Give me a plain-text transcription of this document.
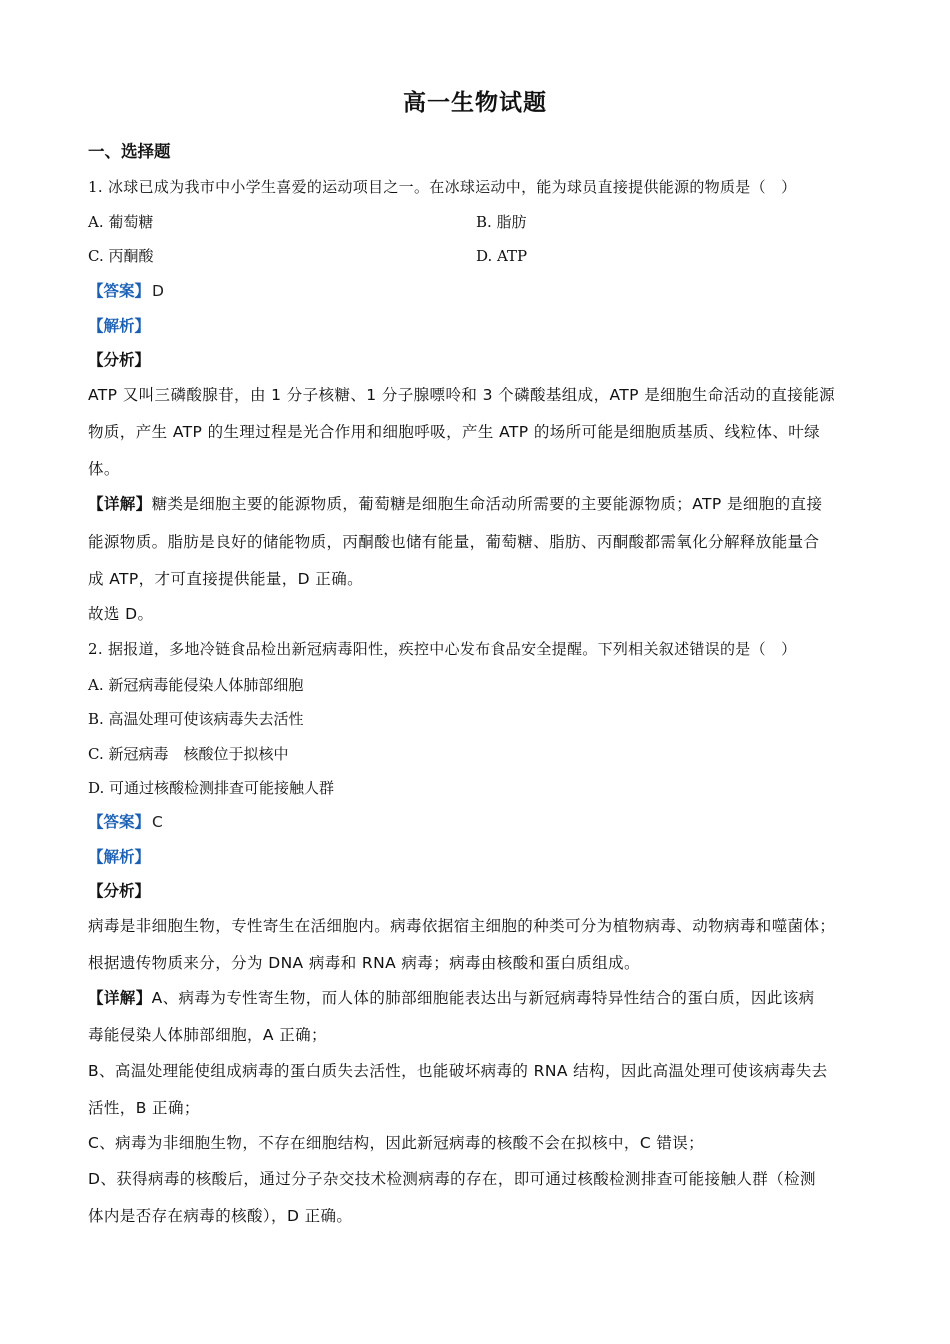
高一生物试题
一、选择题
1. 冰球已成为我市中小学生喜爱的运动项目之一。在冰球运动中，能为球员直接提供能源的物质是（　）
A. 葡萄糖	B. 脂肪
C. 丙酮酸	D. ATP
【答案】 D
【解析】
【分析】
ATP 又叫三磷酸腺苷，由 1 分子核糖、1 分子腺嘌呤和 3 个磷酸基组成，ATP 是细胞生命活动的直接能源
物质，产生 ATP 的生理过程是光合作用和细胞呼吸，产生 ATP 的场所可能是细胞质基质、线粒体、叶绿
体。
【详解】糖类是细胞主要的能源物质，葡萄糖是细胞生命活动所需要的主要能源物质；ATP 是细胞的直接
能源物质。脂肪是良好的储能物质，丙酮酸也储有能量，葡萄糖、脂肪、丙酮酸都需氧化分解释放能量合
成 ATP，才可直接提供能量，D 正确。
故选 D。
2. 据报道，多地冷链食品检出新冠病毒阳性，疾控中心发布食品安全提醒。下列相关叙述错误的是（　）
A. 新冠病毒能侵染人体肺部细胞
B. 高温处理可使该病毒失去活性
C. 新冠病毒　核酸位于拟核中
D. 可通过核酸检测排查可能接触人群
【答案】 C
【解析】
【分析】
病毒是非细胞生物，专性寄生在活细胞内。病毒依据宿主细胞的种类可分为植物病毒、动物病毒和噬菌体；
根据遗传物质来分，分为 DNA 病毒和 RNA 病毒；病毒由核酸和蛋白质组成。
【详解】A、病毒为专性寄生物，而人体的肺部细胞能表达出与新冠病毒特异性结合的蛋白质，因此该病
毒能侵染人体肺部细胞，A 正确；
B、高温处理能使组成病毒的蛋白质失去活性，也能破坏病毒的 RNA 结构，因此高温处理可使该病毒失去
活性，B 正确；
C、病毒为非细胞生物，不存在细胞结构，因此新冠病毒的核酸不会在拟核中，C 错误；
D、获得病毒的核酸后，通过分子杂交技术检测病毒的存在，即可通过核酸检测排查可能接触人群（检测
体内是否存在病毒的核酸），D 正确。
